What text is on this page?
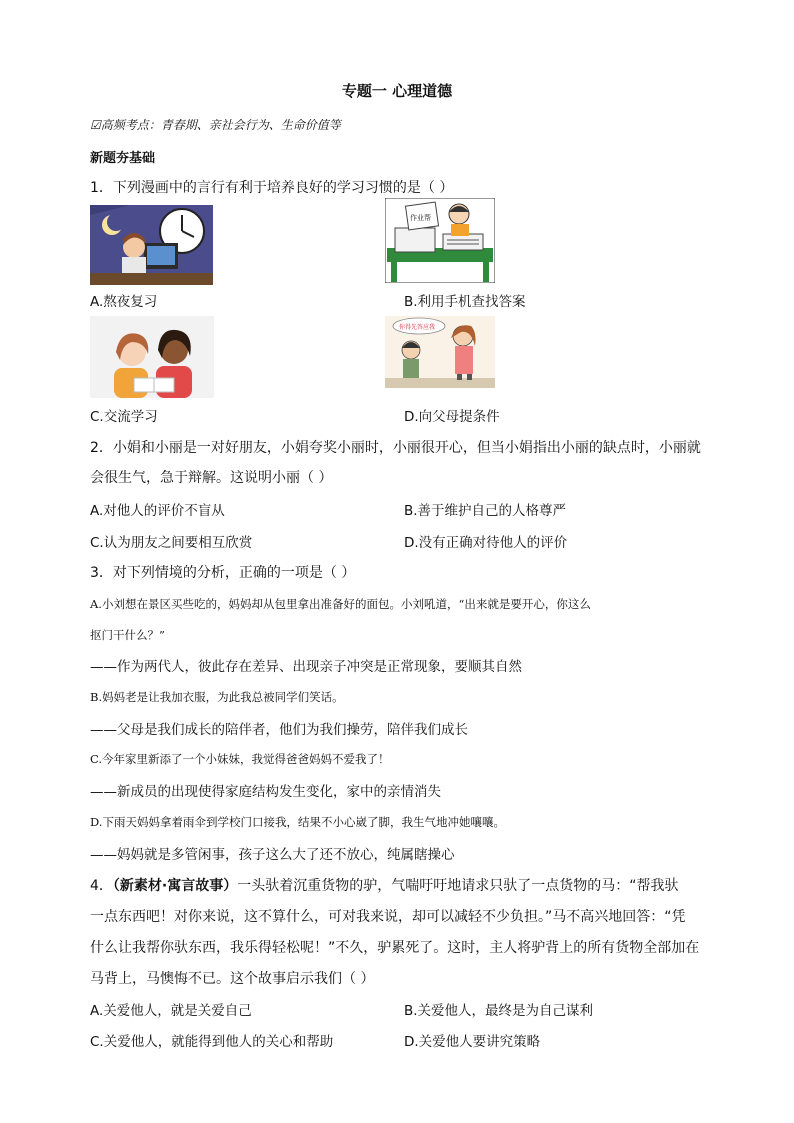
专题一 心理道德
☑高频考点：青春期、亲社会行为、生命价值等
新题夯基础
1．下列漫画中的言行有利于培养良好的学习习惯的是（ ）
作业帮
A.熬夜复习	B.利用手机查找答案
你得先答应我
C.交流学习	D.向父母提条件
2．小娟和小丽是一对好朋友，小娟夸奖小丽时，小丽很开心，但当小娟指出小丽的缺点时，小丽就
会很生气，急于辩解。这说明小丽（ ）
A.对他人的评价不盲从	B.善于维护自己的人格尊严
C.认为朋友之间要相互欣赏	D.没有正确对待他人的评价
3．对下列情境的分析，正确的一项是（ ）
A.小刘想在景区买些吃的，妈妈却从包里拿出准备好的面包。小刘吼道，“出来就是要开心，你这么
抠门干什么？”
——作为两代人，彼此存在差异、出现亲子冲突是正常现象，要顺其自然
B.妈妈老是让我加衣服，为此我总被同学们笑话。
——父母是我们成长的陪伴者，他们为我们操劳，陪伴我们成长
C.今年家里新添了一个小妹妹，我觉得爸爸妈妈不爱我了！
——新成员的出现使得家庭结构发生变化，家中的亲情消失
D.下雨天妈妈拿着雨伞到学校门口接我，结果不小心崴了脚，我生气地冲她嚷嚷。
——妈妈就是多管闲事，孩子这么大了还不放心，纯属瞎操心
4．（新素材·寓言故事）一头驮着沉重货物的驴，气喘吁吁地请求只驮了一点货物的马：“帮我驮
一点东西吧！对你来说，这不算什么，可对我来说，却可以减轻不少负担。”马不高兴地回答：“凭
什么让我帮你驮东西，我乐得轻松呢！”不久，驴累死了。这时，主人将驴背上的所有货物全部加在
马背上，马懊悔不已。这个故事启示我们（ ）
A.关爱他人，就是关爱自己	B.关爱他人，最终是为自己谋利
C.关爱他人，就能得到他人的关心和帮助	D.关爱他人要讲究策略
